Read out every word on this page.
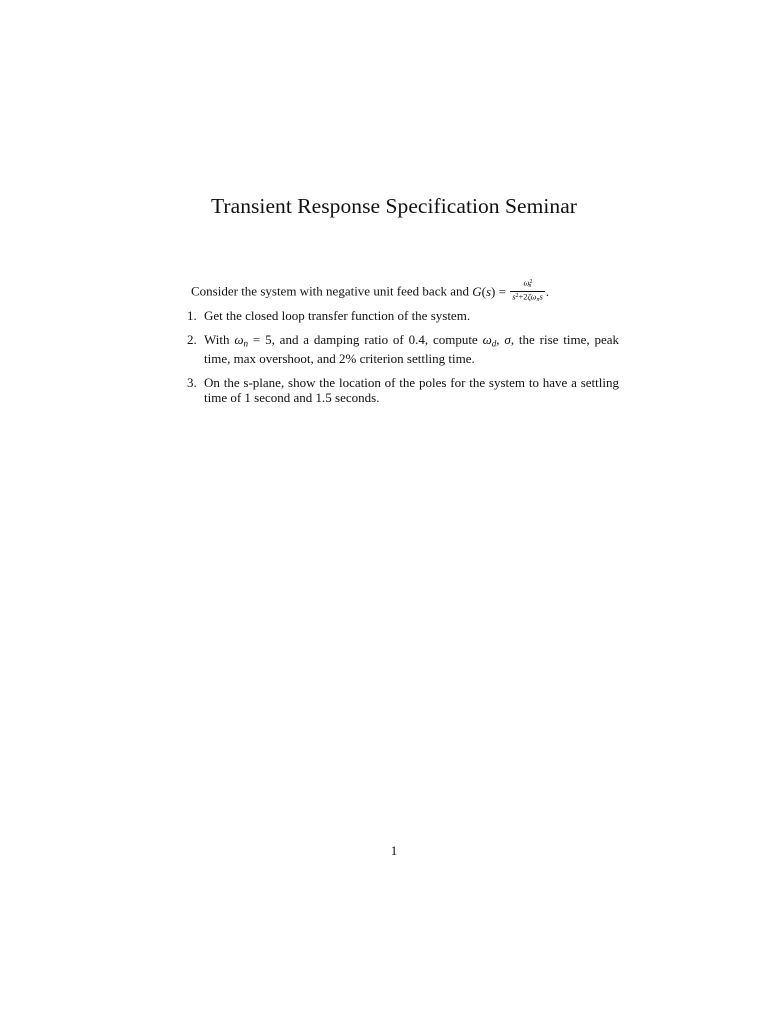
Transient Response Specification Seminar
Consider the system with negative unit feed back and $G(s) = \frac{\omega^2_n}{s^2+2\zeta\omega_ns}$ .
1. Get the closed loop transfer function of the system.
2. With $\omega_n = 5$, and a damping ratio of 0.4, compute $\omega_d$, σ, the rise time, peak time, max overshoot, and 2% criterion settling time.
3. On the s-plane, show the location of the poles for the system to have a settling time of 1 second and 1.5 seconds.
1
